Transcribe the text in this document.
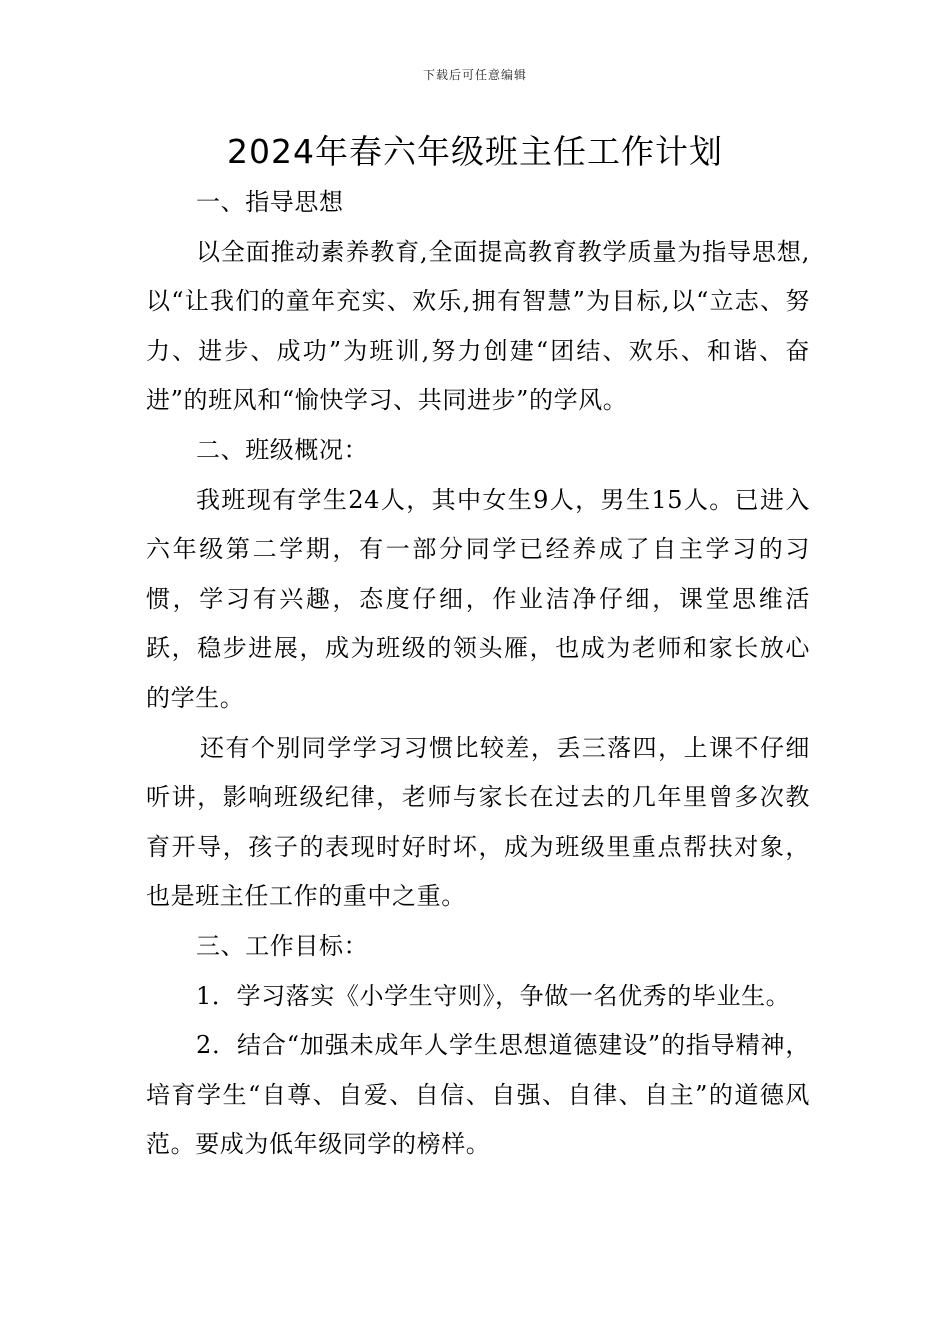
下载后可任意编辑
2024年春六年级班主任工作计划

一、指导思想

以全面推动素养教育,全面提高教育教学质量为指导思想,以“让我们的童年充实、欢乐,拥有智慧”为目标,以“立志、努力、进步、成功”为班训,努力创建“团结、欢乐、和谐、奋进”的班风和“愉快学习、共同进步”的学风。

二、班级概况：

我班现有学生24人，其中女生9人，男生15人。已进入六年级第二学期，有一部分同学已经养成了自主学习的习惯，学习有兴趣，态度仔细，作业洁净仔细，课堂思维活跃，稳步进展，成为班级的领头雁，也成为老师和家长放心的学生。

还有个别同学学习习惯比较差，丢三落四，上课不仔细听讲，影响班级纪律，老师与家长在过去的几年里曾多次教育开导，孩子的表现时好时坏，成为班级里重点帮扶对象，也是班主任工作的重中之重。

三、工作目标：

1．学习落实《小学生守则》，争做一名优秀的毕业生。

2．结合“加强未成年人学生思想道德建设”的指导精神，培育学生“自尊、自爱、自信、自强、自律、自主”的道德风范。要成为低年级同学的榜样。
